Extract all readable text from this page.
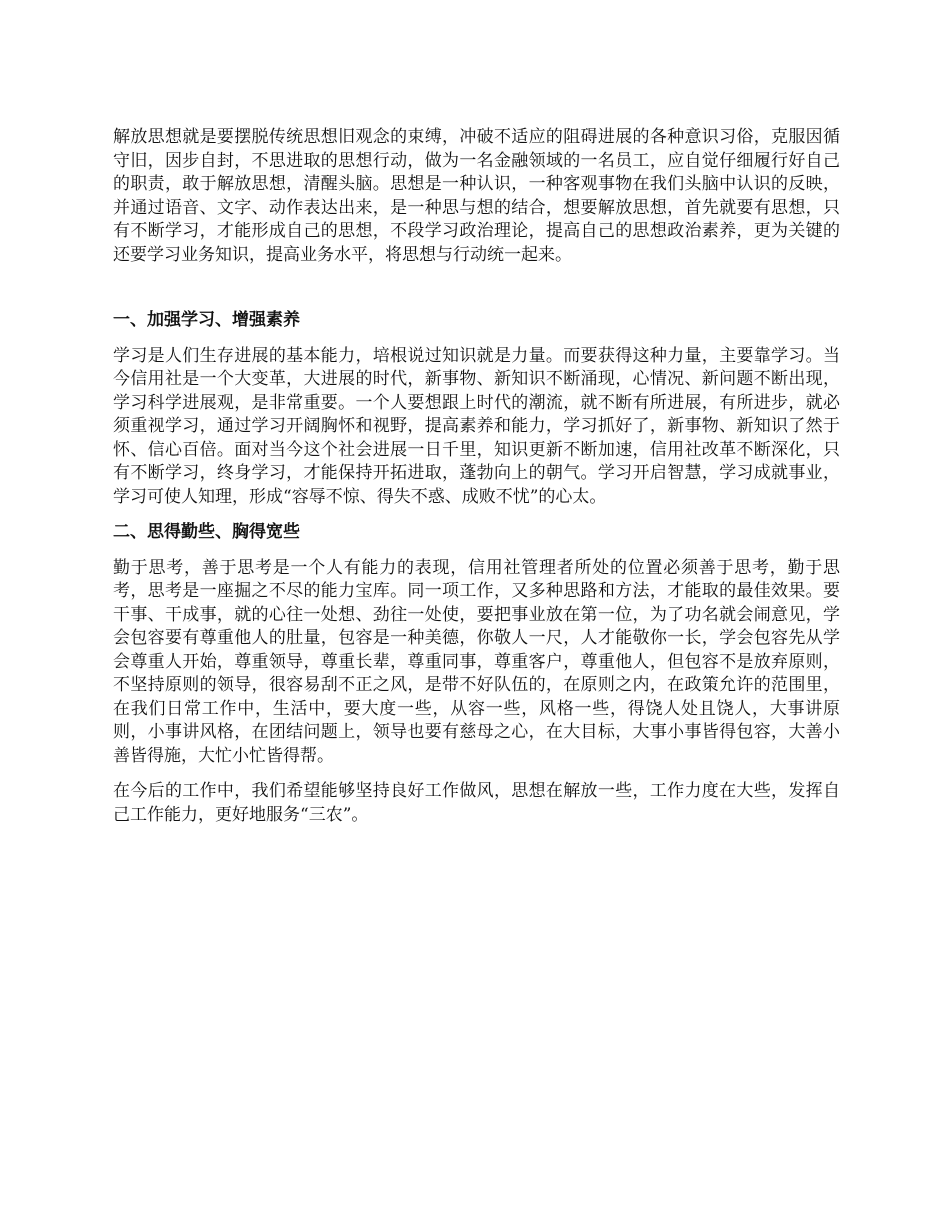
解放思想就是要摆脱传统思想旧观念的束缚，冲破不适应的阻碍进展的各种意识习俗，克服因循守旧，因步自封，不思进取的思想行动，做为一名金融领域的一名员工，应自觉仔细履行好自己的职责，敢于解放思想，清醒头脑。思想是一种认识，一种客观事物在我们头脑中认识的反映，并通过语音、文字、动作表达出来，是一种思与想的结合，想要解放思想，首先就要有思想，只有不断学习，才能形成自己的思想，不段学习政治理论，提高自己的思想政治素养，更为关键的还要学习业务知识，提高业务水平，将思想与行动统一起来。

一、加强学习、增强素养

学习是人们生存进展的基本能力，培根说过知识就是力量。而要获得这种力量，主要靠学习。当今信用社是一个大变革，大进展的时代，新事物、新知识不断涌现，心情况、新问题不断出现，学习科学进展观，是非常重要。一个人要想跟上时代的潮流，就不断有所进展，有所进步，就必须重视学习，通过学习开阔胸怀和视野，提高素养和能力，学习抓好了，新事物、新知识了然于怀、信心百倍。面对当今这个社会进展一日千里，知识更新不断加速，信用社改革不断深化，只有不断学习，终身学习，才能保持开拓进取，蓬勃向上的朝气。学习开启智慧，学习成就事业，学习可使人知理，形成“容辱不惊、得失不惑、成败不忧”的心太。

二、思得勤些、胸得宽些

勤于思考，善于思考是一个人有能力的表现，信用社管理者所处的位置必须善于思考，勤于思考，思考是一座掘之不尽的能力宝库。同一项工作，又多种思路和方法，才能取的最佳效果。要干事、干成事，就的心往一处想、劲往一处使，要把事业放在第一位，为了功名就会闹意见，学会包容要有尊重他人的肚量，包容是一种美德，你敬人一尺，人才能敬你一长，学会包容先从学会尊重人开始，尊重领导，尊重长辈，尊重同事，尊重客户，尊重他人，但包容不是放弃原则，不坚持原则的领导，很容易刮不正之风，是带不好队伍的，在原则之内，在政策允许的范围里，在我们日常工作中，生活中，要大度一些，从容一些，风格一些，得饶人处且饶人，大事讲原则，小事讲风格，在团结问题上，领导也要有慈母之心，在大目标，大事小事皆得包容，大善小善皆得施，大忙小忙皆得帮。

在今后的工作中，我们希望能够坚持良好工作做风，思想在解放一些，工作力度在大些，发挥自己工作能力，更好地服务“三农”。
